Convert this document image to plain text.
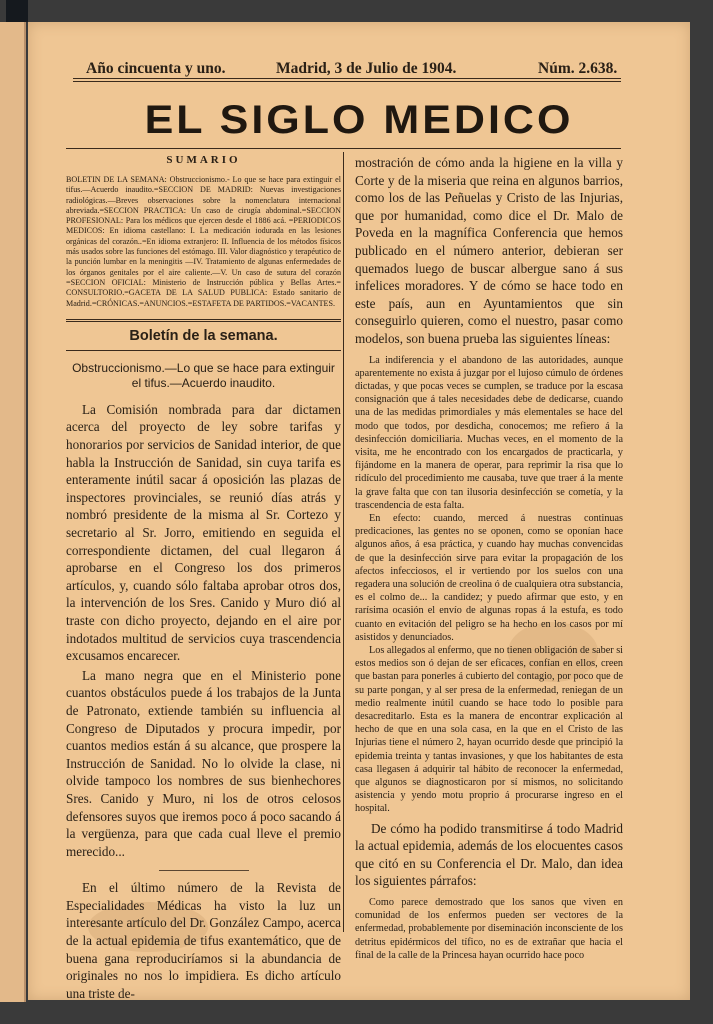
Año cincuenta y uno.	Madrid, 3 de Julio de 1904.	Núm. 2.638.
EL SIGLO MEDICO
SUMARIO
BOLETIN DE LA SEMANA: Obstruccionismo.- Lo que se hace para extinguir el tifus.—Acuerdo inaudito.=SECCION DE MADRID: Nuevas investigaciones radiológicas.—Breves observaciones sobre la nomenclatura internacional abreviada.=SECCION PRACTICA: Un caso de cirugía abdominal.=SECCION PROFESIONAL: Para los médicos que ejercen desde el 1886 acá. =PERIODICOS MEDICOS: En idioma castellano: I. La medicación iodurada en las lesiones orgánicas del corazón..=En idioma extranjero: II. Influencia de los métodos físicos más usados sobre las funciones del estómago. III. Valor diagnóstico y terapéutico de la punción lumbar en la meningitis —IV. Tratamiento de algunas enfermedades de los órganos genitales por el aire caliente.—V. Un caso de sutura del corazón =SECCION OFICIAL: Ministerio de Instrucción pública y Bellas Artes.= CONSULTORIO.=GACETA DE LA SALUD PUBLICA: Estado sanitario de Madrid.=CRÓNICAS.=ANUNCIOS.=ESTAFETA DE PARTIDOS.=VACANTES.
Boletín de la semana.
Obstruccionismo.—Lo que se hace para extinguir el tifus.—Acuerdo inaudito.

La Comisión nombrada para dar dictamen acerca del proyecto de ley sobre tarifas y honorarios por servicios de Sanidad interior, de que habla la Instrucción de Sanidad, sin cuya tarifa es enteramente inútil sacar á oposición las plazas de inspectores provinciales, se reunió días atrás y nombró presidente de la misma al Sr. Cortezo y secretario al Sr. Jorro, emitiendo en seguida el correspondiente dictamen, del cual llegaron á aprobarse en el Congreso los dos primeros artículos, y, cuando sólo faltaba aprobar otros dos, la intervención de los Sres. Canido y Muro dió al traste con dicho proyecto, dejando en el aire por indotados multitud de servicios cuya trascendencia excusamos encarecer.

La mano negra que en el Ministerio pone cuantos obstáculos puede á los trabajos de la Junta de Patronato, extiende también su influencia al Congreso de Diputados y procura impedir, por cuantos medios están á su alcance, que prospere la Instrucción de Sanidad. No lo olvide la clase, ni olvide tampoco los nombres de sus bienhechores Sres. Canido y Muro, ni los de otros celosos defensores suyos que iremos poco á poco sacando á la vergüenza, para que cada cual lleve el premio merecido...

En el último número de la Revista de Especialidades Médicas ha visto la luz un interesante artículo del Dr. González Campo, acerca de la actual epidemia de tifus exantemático, que de buena gana reproduciríamos si la abundancia de originales no nos lo impidiera. Es dicho artículo una triste de-

mostración de cómo anda la higiene en la villa y Corte y de la miseria que reina en algunos barrios, como los de las Peñuelas y Cristo de las Injurias, que por humanidad, como dice el Dr. Malo de Poveda en la magnífica Conferencia que hemos publicado en el número anterior, debieran ser quemados luego de buscar albergue sano á sus infelices moradores. Y de cómo se hace todo en este país, aun en Ayuntamientos que sin conseguirlo quieren, como el nuestro, pasar como modelos, son buena prueba las siguientes líneas:

La indiferencia y el abandono de las autoridades, aunque aparentemente no exista á juzgar por el lujoso cúmulo de órdenes dictadas, y que pocas veces se cumplen, se traduce por la escasa consignación que á tales necesidades debe de dedicarse, cuando una de las medidas primordiales y más elementales se hace del modo que todos, por desdicha, conocemos; me refiero á la desinfección domiciliaria. Muchas veces, en el momento de la visita, me he encontrado con los encargados de practicarla, y fijándome en la manera de operar, para reprimir la risa que lo ridículo del procedimiento me causaba, tuve que traer á la mente la grave falta que con tan ilusoria desinfección se cometía, y la trascendencia de esta falta.

En efecto: cuando, merced á nuestras continuas predicaciones, las gentes no se oponen, como se oponían hace algunos años, á esa práctica, y cuando hay muchas convencidas de que la desinfección sirve para evitar la propagación de los afectos infecciosos, el ir vertiendo por los suelos con una regadera una solución de creolina ó de cualquiera otra substancia, es el colmo de... la candidez; y puedo afirmar que esto, y en rarísima ocasión el envío de algunas ropas á la estufa, es todo cuanto en evitación del peligro se ha hecho en los casos por mí asistidos y denunciados.

Los allegados al enfermo, que no tienen obligación de saber si estos medios son ó dejan de ser eficaces, confían en ellos, creen que bastan para ponerles á cubierto del contagio, por poco que de su parte pongan, y al ser presa de la enfermedad, reniegan de un medio realmente inútil cuando se hace todo lo posible para desacreditarlo. Esta es la manera de encontrar explicación al hecho de que en una sola casa, en la que en el Cristo de las Injurias tiene el número 2, hayan ocurrido desde que principió la epidemia treinta y tantas invasiones, y que los habitantes de esta casa llegasen á adquirir tal hábito de reconocer la enfermedad, que algunos se diagnosticaron por sí mismos, no solicitando asistencia y yendo motu proprio á procurarse ingreso en el hospital.

De cómo ha podido transmitirse á todo Madrid la actual epidemia, además de los elocuentes casos que citó en su Conferencia el Dr. Malo, dan idea los siguientes párrafos:

Como parece demostrado que los sanos que viven en comunidad de los enfermos pueden ser vectores de la enfermedad, probablemente por diseminación inconsciente de los detritus epidérmicos del tífico, no es de extrañar que hacia el final de la calle de la Princesa hayan ocurrido hace poco
